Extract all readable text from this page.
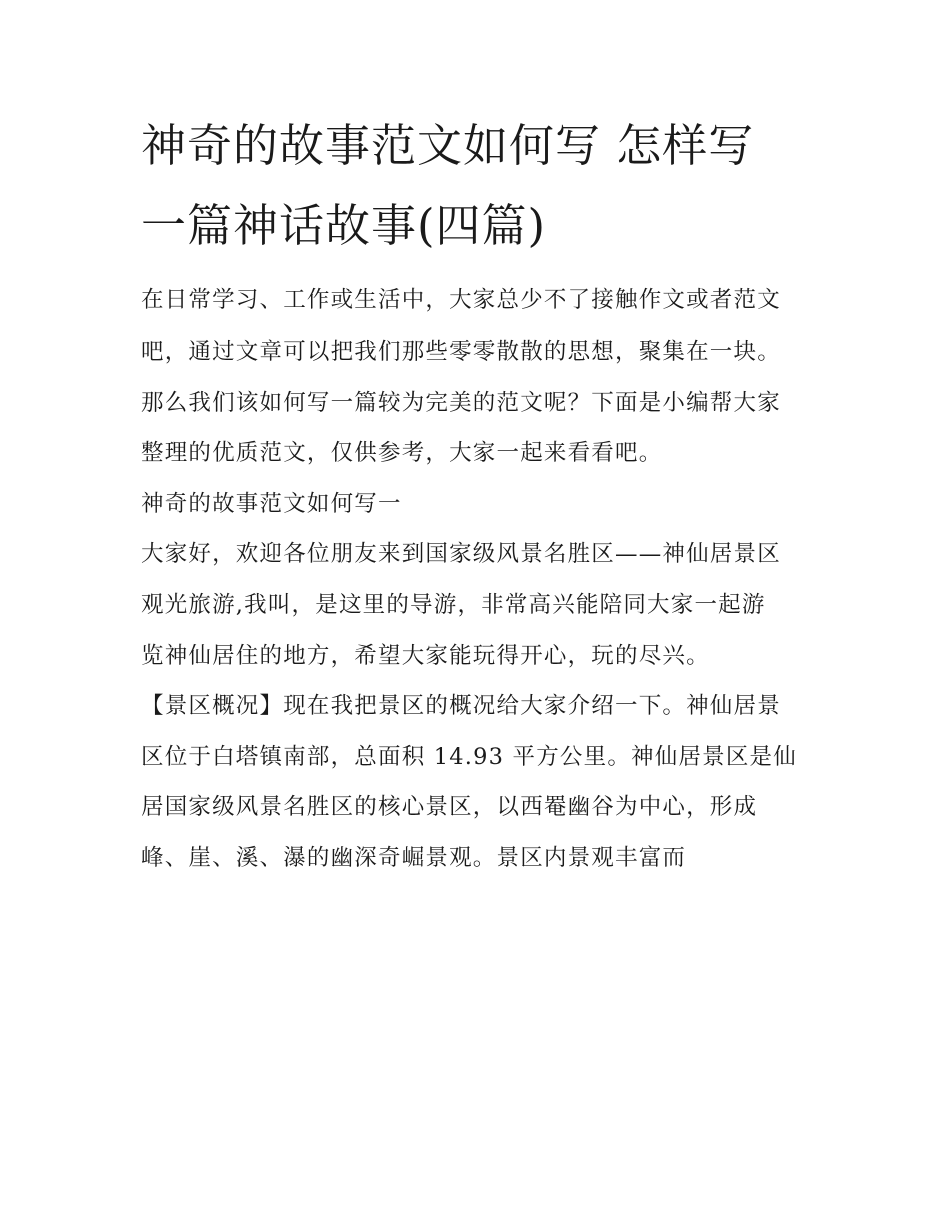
神奇的故事范文如何写 怎样写
一篇神话故事(四篇)
在日常学习、工作或生活中，大家总少不了接触作文或者范文
吧，通过文章可以把我们那些零零散散的思想，聚集在一块。
那么我们该如何写一篇较为完美的范文呢？下面是小编帮大家
整理的优质范文，仅供参考，大家一起来看看吧。
神奇的故事范文如何写一
大家好，欢迎各位朋友来到国家级风景名胜区——神仙居景区
观光旅游,我叫，是这里的导游，非常高兴能陪同大家一起游
览神仙居住的地方，希望大家能玩得开心，玩的尽兴。
【景区概况】现在我把景区的概况给大家介绍一下。神仙居景
区位于白塔镇南部，总面积 14.93 平方公里。神仙居景区是仙
居国家级风景名胜区的核心景区，以西罨幽谷为中心，形成
峰、崖、溪、瀑的幽深奇崛景观。景区内景观丰富而
